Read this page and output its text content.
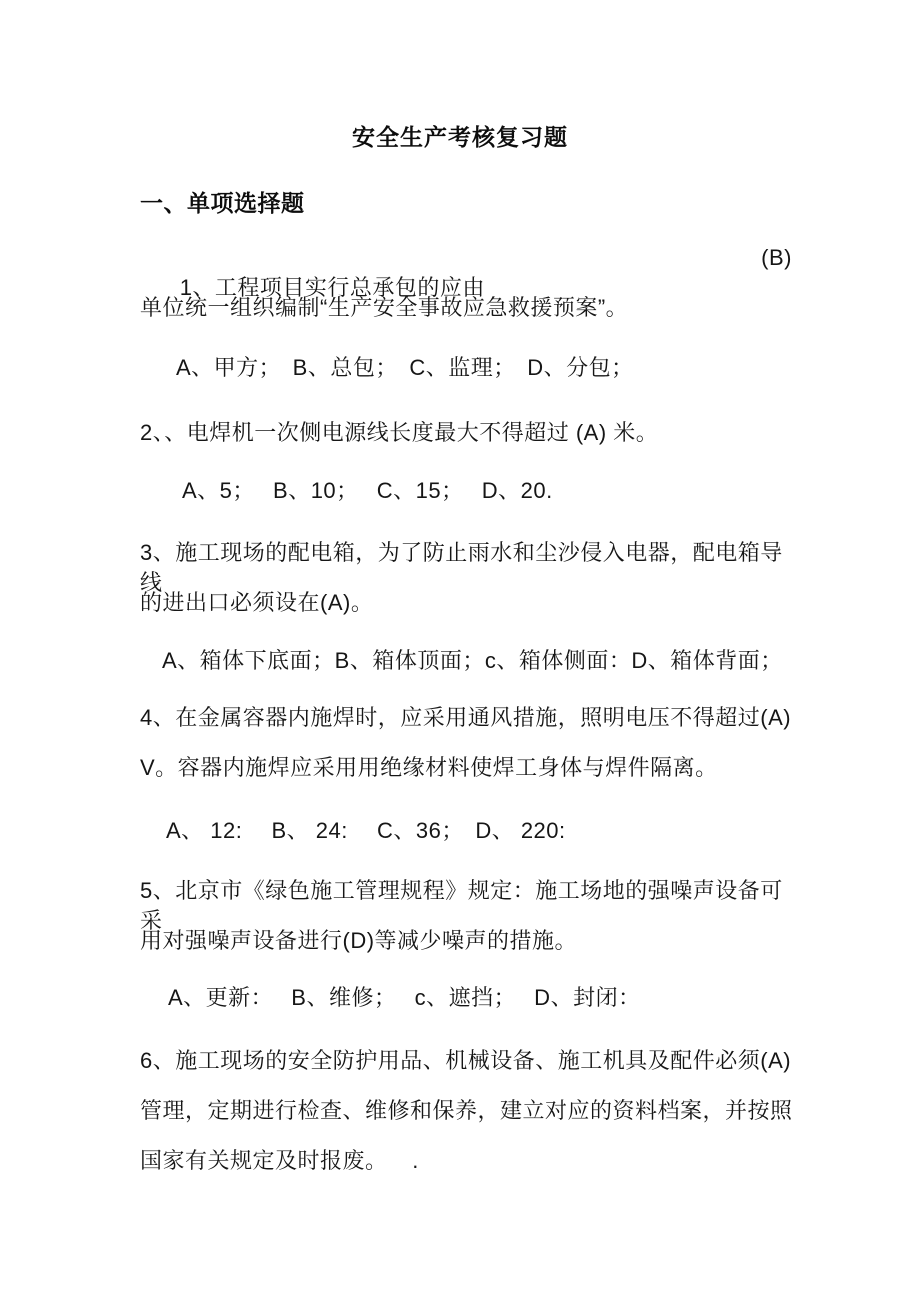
安全生产考核复习题
一、单项选择题

1、工程项目实行总承包的应由

(B)

单位统一组织编制“生产安全事故应急救援预案”。
A、甲方；　B、总包；　C、监理；　D、分包；
2、、电焊机一次侧电源线长度最大不得超过 (A) 米。
A、5；　 B、10；　 C、15；　 D、20.
3、施工现场的配电箱，为了防止雨水和尘沙侵入电器，配电箱导线
的进出口必须设在(A)。
A、箱体下底面；B、箱体顶面；c、箱体侧面：D、箱体背面；
4、在金属容器内施焊时，应采用通风措施，照明电压不得超过(A)
V。容器内施焊应采用用绝缘材料使焊工身体与焊件隔离。
A、 12:　 B、 24:　 C、36；　D、 220:
5、北京市《绿色施工管理规程》规定：施工场地的强噪声设备可采
用对强噪声设备进行(D)等减少噪声的措施。
A、更新：　 B、维修；　 c、遮挡；　 D、封闭：
6、施工现场的安全防护用品、机械设备、施工机具及配件必须(A)
管理，定期进行检查、维修和保养，建立对应的资料档案，并按照
国家有关规定及时报废。　  .
